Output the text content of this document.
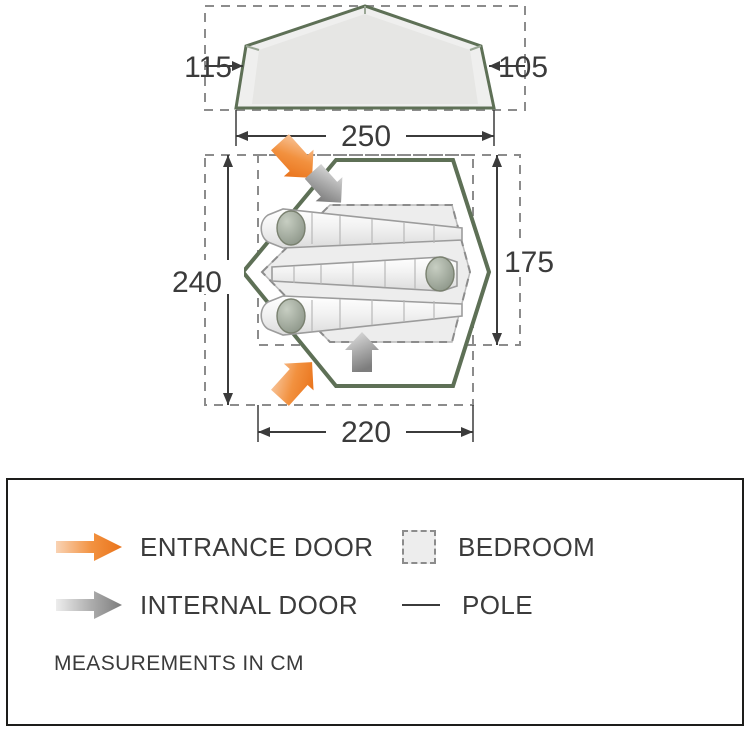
115	105
250
240
175
220
ENTRANCE DOOR	BEDROOM
INTERNAL DOOR	POLE
MEASUREMENTS IN CM
